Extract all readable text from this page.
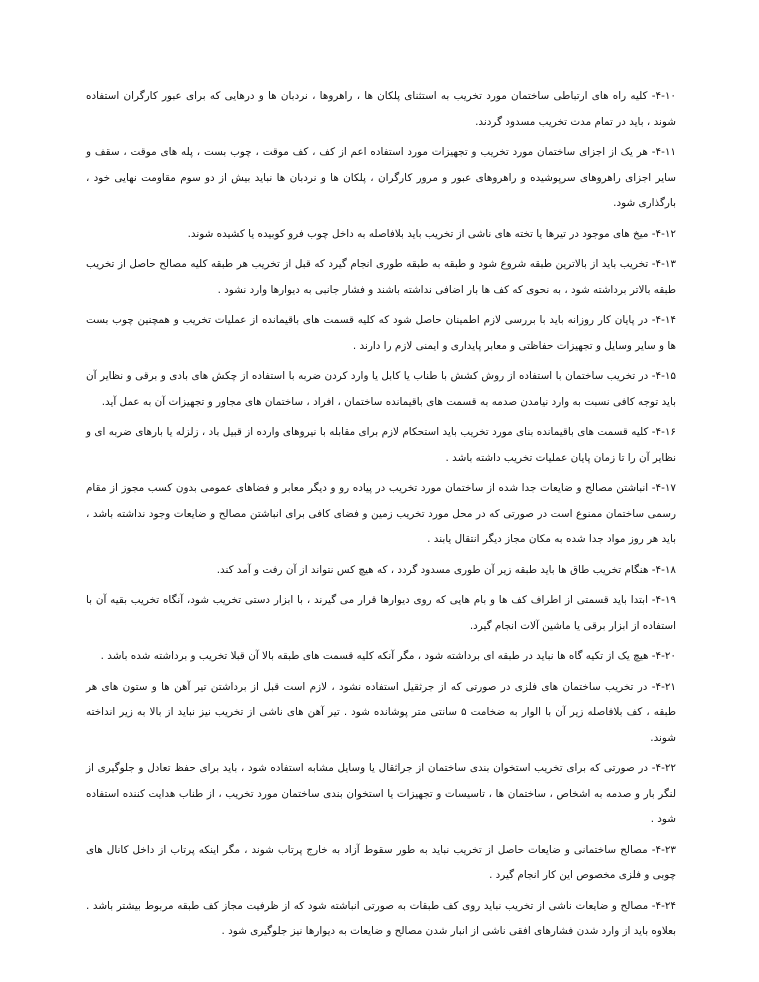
۴-۱۰- کلیه راه های ارتباطی ساختمان مورد تخریب به استثنای پلکان ها ، راهروها ، نردبان ها و درهایی که برای عبور کارگران استفاده شوند ، باید در تمام مدت تخریب مسدود گردند.

۴-۱۱- هر یک از اجزای ساختمان مورد تخریب و تجهیزات مورد استفاده اعم از کف ، کف موقت ، چوب بست ، پله های موقت ، سقف و سایر اجزای راهروهای سرپوشیده و راهروهای عبور و مرور کارگران ، پلکان ها و نردبان ها نباید بیش از دو سوم مقاومت نهایی خود ، بارگذاری شود.

۴-۱۲- میخ های موجود در تیرها یا تخته های ناشی از تخریب باید بلافاصله به داخل چوب فرو کوبیده یا کشیده شوند.

۴-۱۳- تخریب باید از بالاترین طبقه شروع شود و طبقه به طبقه طوری انجام گیرد که قبل از تخریب هر طبقه کلیه مصالح حاصل از تخریب طبقه بالاتر برداشته شود ، به نحوی که کف ها بار اضافی نداشته باشند و فشار جانبی به دیوارها وارد نشود .

۴-۱۴- در پایان کار روزانه باید با بررسی لازم اطمینان حاصل شود که کلیه قسمت های باقیمانده از عملیات تخریب و همچنین چوب بست ها و سایر وسایل و تجهیزات حفاظتی و معابر پایداری و ایمنی لازم را دارند .

۴-۱۵- در تخریب ساختمان با استفاده از روش کشش با طناب یا کابل یا وارد کردن ضربه با استفاده از چکش های بادی و برقی و نظایر آن باید توجه کافی نسبت به وارد نیامدن صدمه به قسمت های باقیمانده ساختمان ، افراد ، ساختمان های مجاور و تجهیزات آن به عمل آید.

۴-۱۶- کلیه قسمت های باقیمانده بنای مورد تخریب باید استحکام لازم برای مقابله با نیروهای وارده از قبیل باد ، زلزله یا بارهای ضربه ای و نظایر آن را تا زمان پایان عملیات تخریب داشته باشد .

۴-۱۷- انباشتن مصالح و ضایعات جدا شده از ساختمان مورد تخریب در پیاده رو و دیگر معابر و فضاهای عمومی بدون کسب مجوز از مقام رسمی ساختمان ممنوع است در صورتی که در محل مورد تخریب زمین و فضای کافی برای انباشتن مصالح و ضایعات وجود نداشته باشد ، باید هر روز مواد جدا شده به مکان مجاز دیگر انتقال یابند .

۴-۱۸- هنگام تخریب طاق ها باید طبقه زیر آن طوری مسدود گردد ، که هیچ کس نتواند از آن رفت و آمد کند.

۴-۱۹- ابتدا باید قسمتی از اطراف کف ها و بام هایی که روی دیوارها قرار می گیرند ، با ابزار دستی تخریب شود، آنگاه تخریب بقیه آن با استفاده از ابزار برقی یا ماشین آلات انجام گیرد.

۴-۲۰- هیچ یک از تکیه گاه ها نباید در طبقه ای برداشته شود ، مگر آنکه کلیه قسمت های طبقه بالا آن قبلا تخریب و برداشته شده باشد .

۴-۲۱- در تخریب ساختمان های فلزی در صورتی که از جرثقیل استفاده نشود ، لازم است قبل از برداشتن تیر آهن ها و ستون های هر طبقه ، کف بلافاصله زیر آن با الوار به ضخامت ۵ سانتی متر پوشانده شود . تیر آهن های ناشی از تخریب نیز نباید از بالا به زیر انداخته شوند.

۴-۲۲- در صورتی که برای تخریب استخوان بندی ساختمان از جراثقال یا وسایل مشابه استفاده شود ، باید برای حفظ تعادل و جلوگیری از لنگر بار و صدمه به اشخاص ، ساختمان ها ، تاسیسات و تجهیزات یا استخوان بندی ساختمان مورد تخریب ، از طناب هدایت کننده استفاده شود .

۴-۲۳- مصالح ساختمانی و ضایعات حاصل از تخریب نباید به طور سقوط آزاد به خارج پرتاب شوند ، مگر اینکه پرتاب از داخل کانال های چوبی و فلزی مخصوص این کار انجام گیرد .

۴-۲۴- مصالح و ضایعات ناشی از تخریب نباید روی کف طبقات به صورتی انباشته شود که از ظرفیت مجاز کف طبقه مربوط بیشتر باشد . بعلاوه باید از وارد شدن فشارهای افقی ناشی از انبار شدن مصالح و ضایعات به دیوارها نیز جلوگیری شود .
